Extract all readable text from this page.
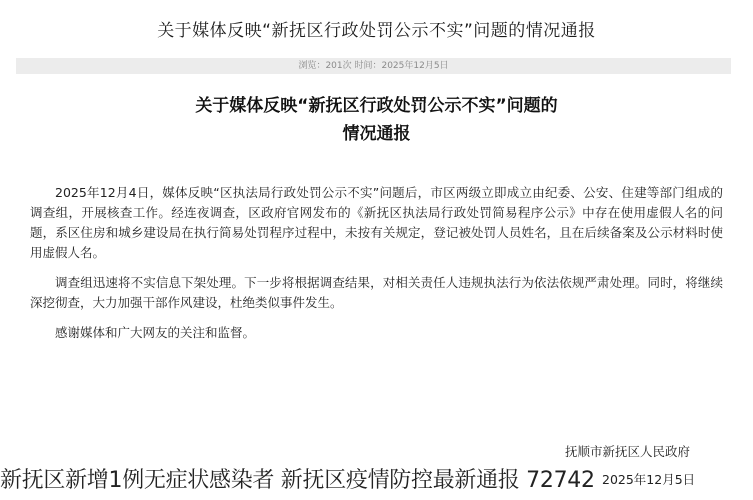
关于媒体反映“新抚区行政处罚公示不实”问题的情况通报
浏览：201次 时间：2025年12月5日
关于媒体反映“新抚区行政处罚公示不实”问题的
情况通报

2025年12月4日，媒体反映“区执法局行政处罚公示不实”问题后，市区两级立即成立由纪委、公安、住建等部门组成的调查组，开展核查工作。经连夜调查，区政府官网发布的《新抚区执法局行政处罚简易程序公示》中存在使用虚假人名的问题，系区住房和城乡建设局在执行简易处罚程序过程中，未按有关规定，登记被处罚人员姓名，且在后续备案及公示材料时使用虚假人名。

调查组迅速将不实信息下架处理。下一步将根据调查结果，对相关责任人违规执法行为依法依规严肃处理。同时，将继续深挖彻查，大力加强干部作风建设，杜绝类似事件发生。

感谢媒体和广大网友的关注和监督。

抚顺市新抚区人民政府
2025年12月5日
新抚区新增1例无症状感染者 新抚区疫情防控最新通报 72742
